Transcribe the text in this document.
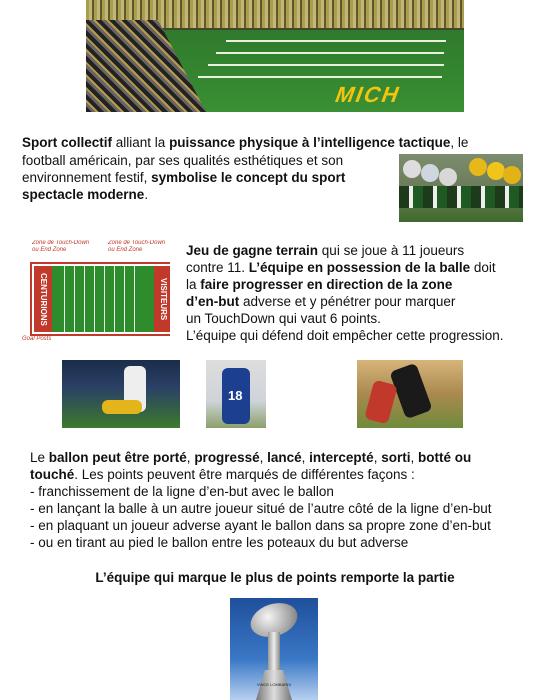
MICH
Sport collectif alliant la puissance physique à l’intelligence tactique, le
football américain, par ses qualités esthétiques et son
environnement festif, symbolise le concept du sport
spectacle moderne.
Zone de Touch-Down ou End Zone
Zone de Touch-Down ou End Zone
CENTURIONS	VISITEURS
Goal Posts
Jeu de gagne terrain qui se joue à 11 joueurs
contre 11. L’équipe en possession de la balle doit
la faire progresser en direction de la zone
d’en-but adverse et y pénétrer pour marquer
un TouchDown qui vaut 6 points.
L’équipe qui défend doit empêcher cette progression.
18
Le ballon peut être porté, progressé, lancé, intercepté, sorti, botté ou
touché. Les points peuvent être marqués de différentes façons :
- franchissement de la ligne d’en-but avec le ballon
- en lançant la balle à un autre joueur situé de l’autre côté de la ligne d’en-but
- en plaquant un joueur adverse ayant le ballon dans sa propre zone d’en-but
- ou en tirant au pied le ballon entre les poteaux du but adverse
L’équipe qui marque le plus de points remporte la partie
VINCE LOMBARDI
